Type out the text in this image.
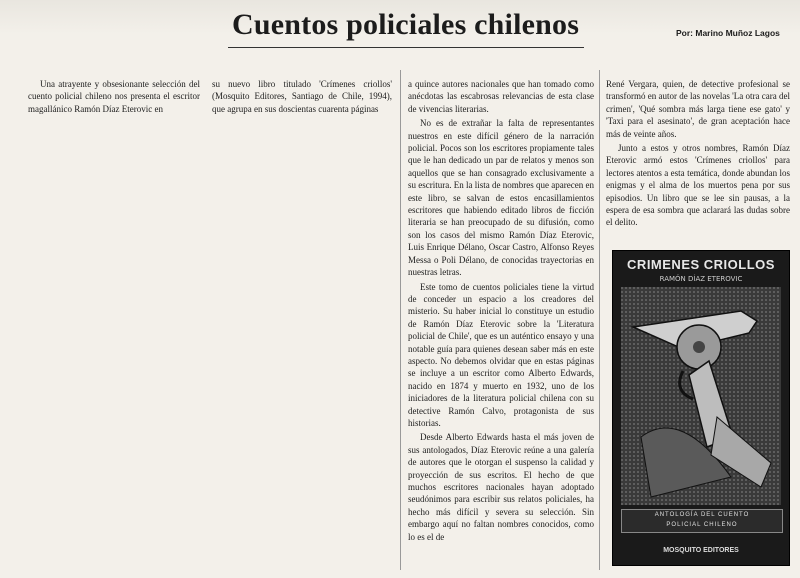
Cuentos policiales chilenos	Por: Marino Muñoz Lagos

Una atrayente y obsesionante selección del cuento policial chileno nos presenta el escritor magallánico Ramón Díaz Eterovic en

su nuevo libro titulado 'Crímenes criollos' (Mosquito Editores, Santiago de Chile, 1994), que agrupa en sus doscientas cuarenta páginas

a quince autores nacionales que han tomado como anécdotas las escabrosas relevancias de esta clase de vivencias literarias.

No es de extrañar la falta de representantes nuestros en este difícil género de la narración policial. Pocos son los escritores propiamente tales que le han dedicado un par de relatos y menos son aquellos que se han consagrado exclusivamente a su escritura. En la lista de nombres que aparecen en este libro, se salvan de estos encasillamientos escritores que habiendo editado libros de ficción literaria se han preocupado de su difusión, como son los casos del mismo Ramón Díaz Eterovic, Luis Enrique Délano, Oscar Castro, Alfonso Reyes Messa o Poli Délano, de conocidas trayectorias en nuestras letras.

Este tomo de cuentos policiales tiene la virtud de conceder un espacio a los creadores del misterio. Su haber inicial lo constituye un estudio de Ramón Díaz Eterovic sobre la 'Literatura policial de Chile', que es un auténtico ensayo y una notable guía para quienes desean saber más en este aspecto. No debemos olvidar que en estas páginas se incluye a un escritor como Alberto Edwards, nacido en 1874 y muerto en 1932, uno de los iniciadores de la literatura policial chilena con su detective Ramón Calvo, protagonista de sus historias.

Desde Alberto Edwards hasta el más joven de sus antologados, Díaz Eterovic reúne a una galería de autores que le otorgan el suspenso la calidad y proyección de sus escritos. El hecho de que muchos escritores nacionales hayan adoptado seudónimos para escribir sus relatos policiales, ha hecho más difícil y severa su selección. Sin embargo aquí no faltan nombres conocidos, como lo es el de

René Vergara, quien, de detective profesional se transformó en autor de las novelas 'La otra cara del crimen', 'Qué sombra más larga tiene ese gato' y 'Taxi para el asesinato', de gran aceptación hace más de veinte años.

Junto a estos y otros nombres, Ramón Díaz Eterovic armó estos 'Crímenes criollos' para lectores atentos a esta temática, donde abundan los enigmas y el alma de los muertos pena por sus episodios. Un libro que se lee sin pausas, a la espera de esa sombra que aclarará las dudas sobre el delito.

CRIMENES CRIOLLOS
RAMÓN DÍAZ ETEROVIC
ANTOLOGÍA DEL CUENTO
POLICIAL CHILENO
MOSQUITO EDITORES
